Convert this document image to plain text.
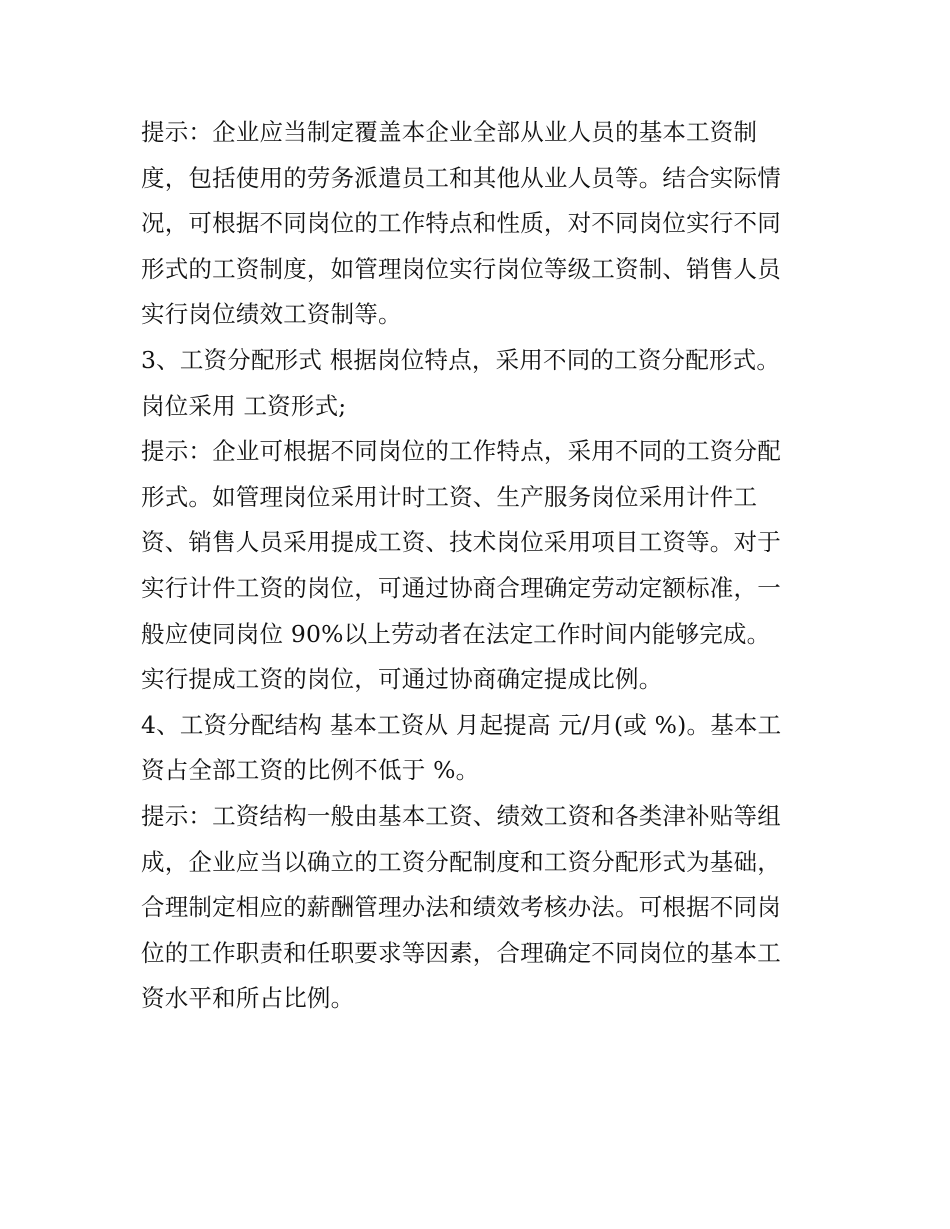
提示：企业应当制定覆盖本企业全部从业人员的基本工资制
度，包括使用的劳务派遣员工和其他从业人员等。结合实际情
况，可根据不同岗位的工作特点和性质，对不同岗位实行不同
形式的工资制度，如管理岗位实行岗位等级工资制、销售人员
实行岗位绩效工资制等。
3、工资分配形式 根据岗位特点，采用不同的工资分配形式。
岗位采用 工资形式;
提示：企业可根据不同岗位的工作特点，采用不同的工资分配
形式。如管理岗位采用计时工资、生产服务岗位采用计件工
资、销售人员采用提成工资、技术岗位采用项目工资等。对于
实行计件工资的岗位，可通过协商合理确定劳动定额标准，一
般应使同岗位 90%以上劳动者在法定工作时间内能够完成。
实行提成工资的岗位，可通过协商确定提成比例。
4、工资分配结构 基本工资从 月起提高 元/月(或 %)。基本工
资占全部工资的比例不低于 %。
提示：工资结构一般由基本工资、绩效工资和各类津补贴等组
成，企业应当以确立的工资分配制度和工资分配形式为基础，
合理制定相应的薪酬管理办法和绩效考核办法。可根据不同岗
位的工作职责和任职要求等因素，合理确定不同岗位的基本工
资水平和所占比例。
